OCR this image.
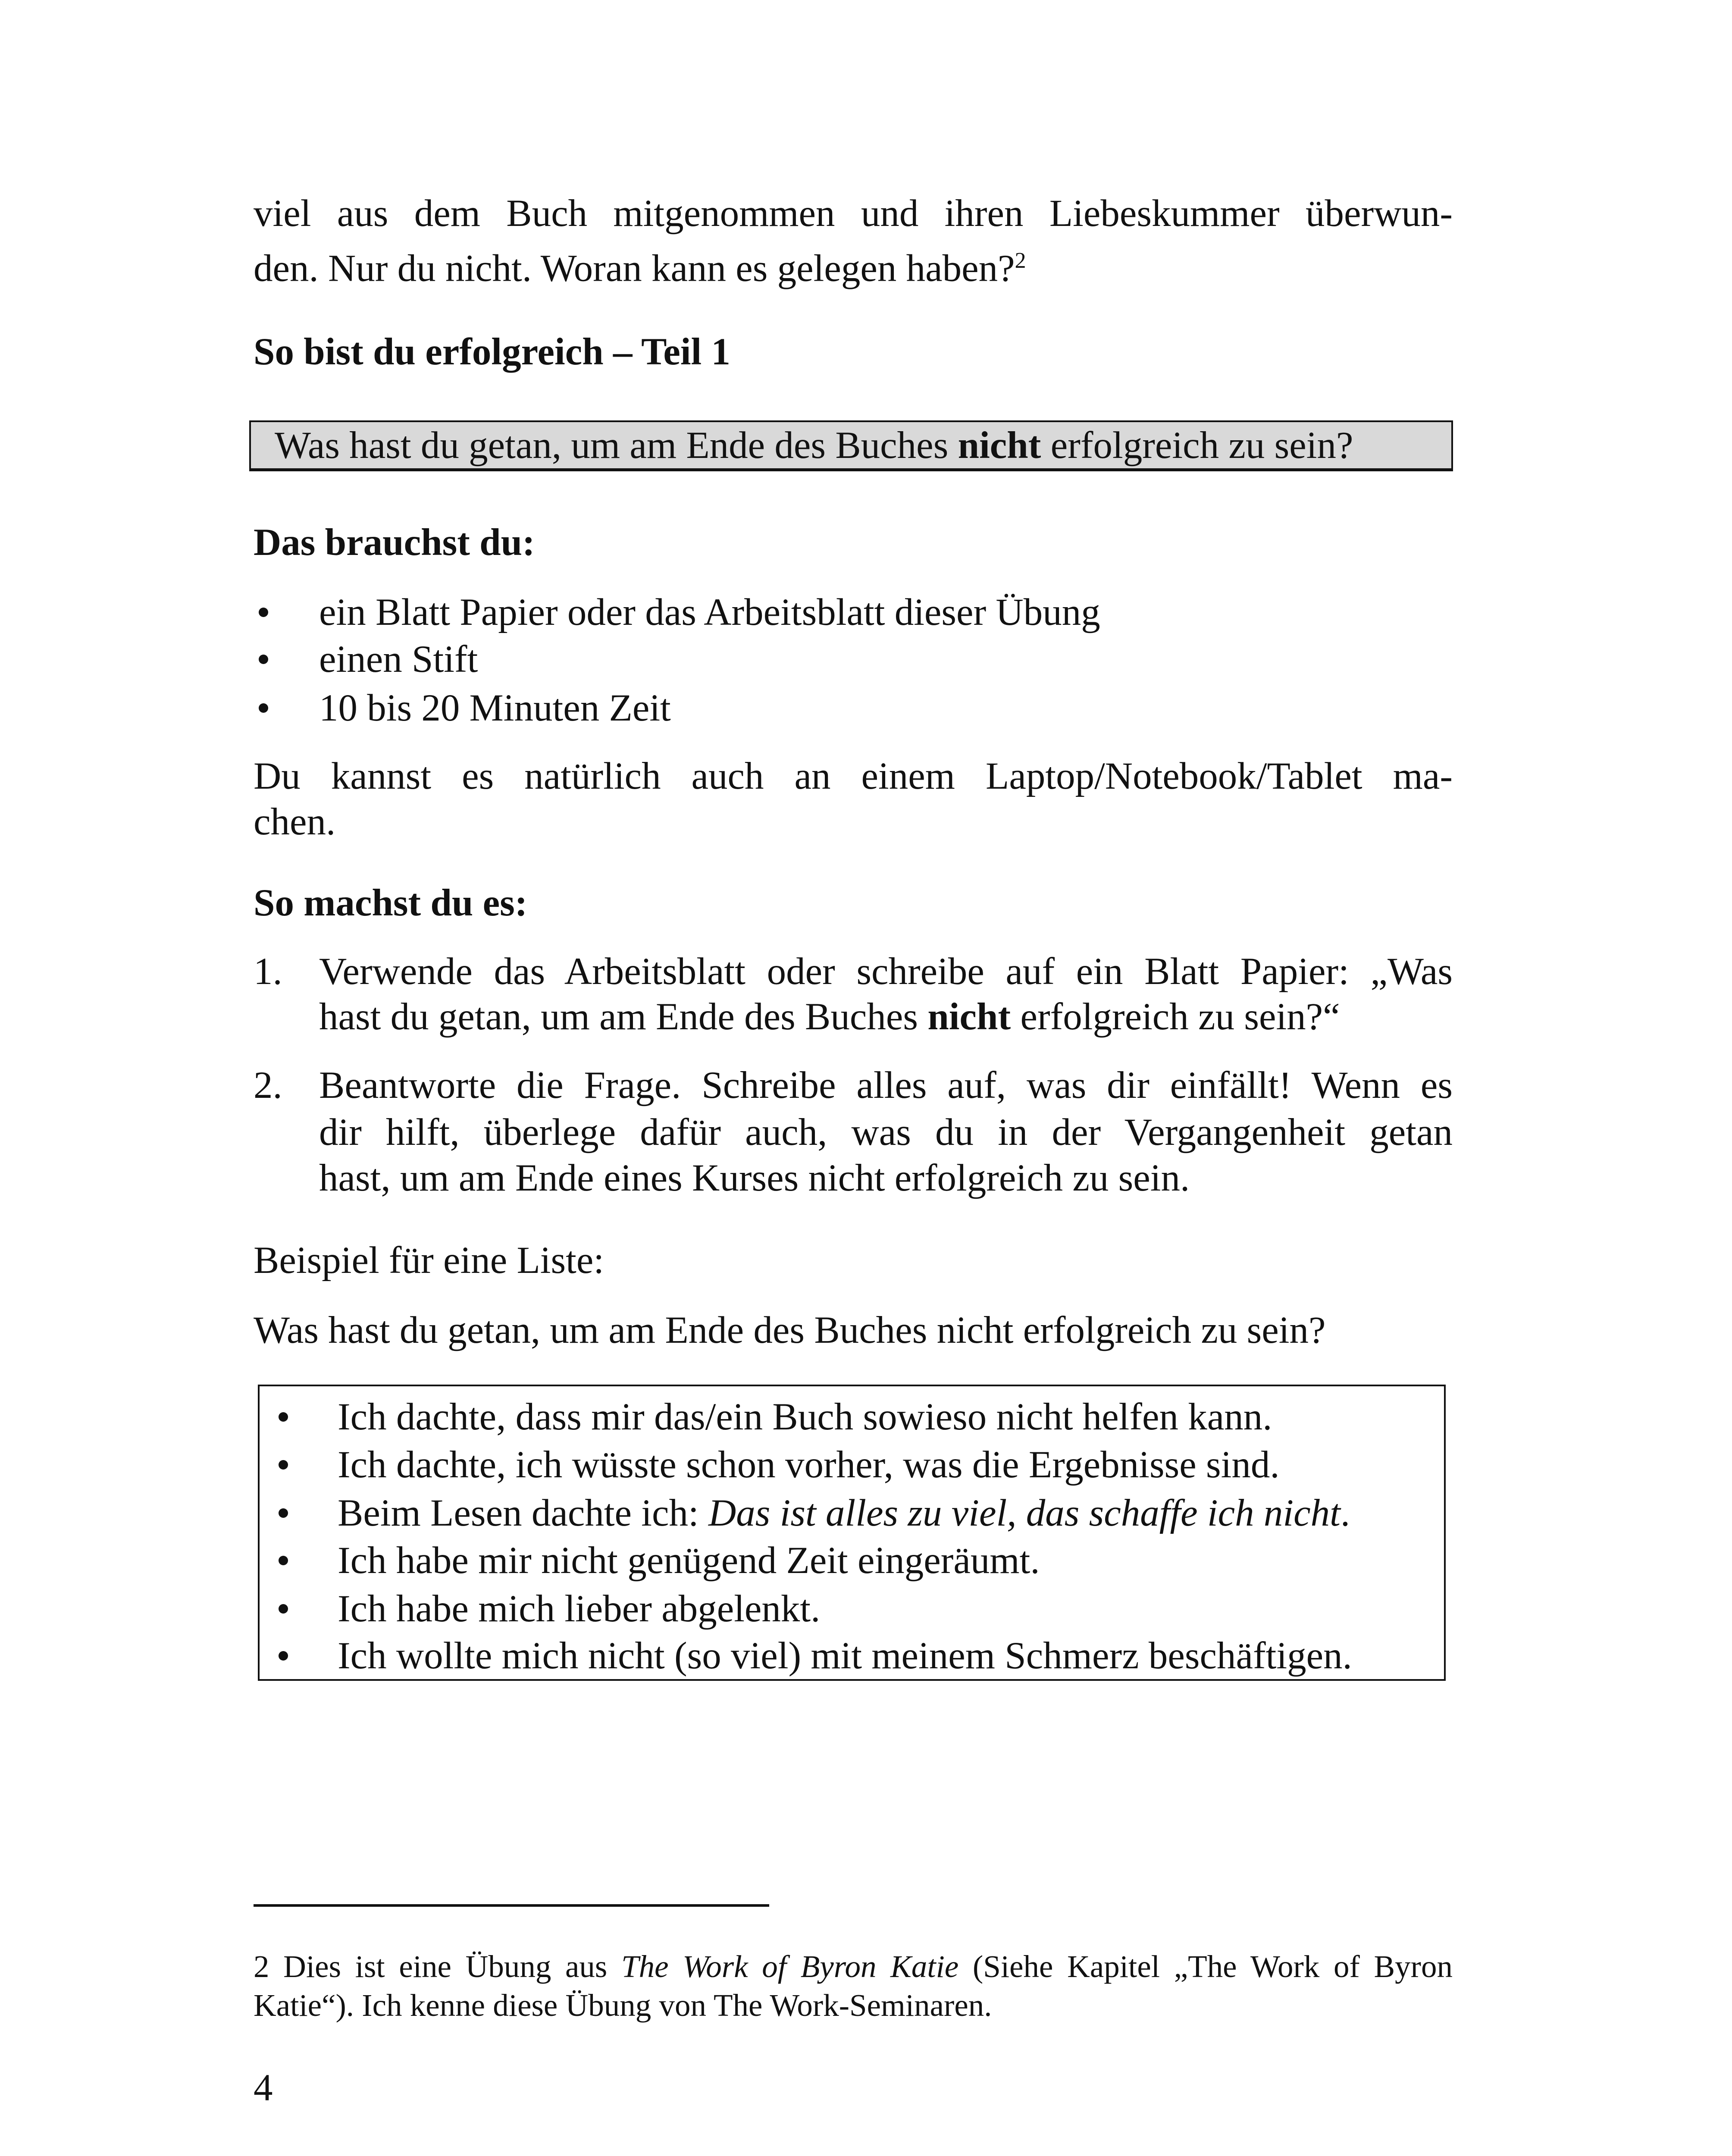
viel aus dem Buch mitgenommen und ihren Liebeskummer überwun-
den. Nur du nicht. Woran kann es gelegen haben?$^2$
So bist du erfolgreich – Teil 1
Was hast du getan, um am Ende des Buches nicht erfolgreich zu sein?
Das brauchst du:
ein Blatt Papier oder das Arbeitsblatt dieser Übung
einen Stift
10 bis 20 Minuten Zeit
Du kannst es natürlich auch an einem Laptop/Notebook/Tablet ma-
chen.
So machst du es:
1. Verwende das Arbeitsblatt oder schreibe auf ein Blatt Papier: „Was
hast du getan, um am Ende des Buches nicht erfolgreich zu sein?“
2. Beantworte die Frage. Schreibe alles auf, was dir einfällt! Wenn es
dir hilft, überlege dafür auch, was du in der Vergangenheit getan
hast, um am Ende eines Kurses nicht erfolgreich zu sein.
Beispiel für eine Liste:
Was hast du getan, um am Ende des Buches nicht erfolgreich zu sein?
Ich dachte, dass mir das/ein Buch sowieso nicht helfen kann.
Ich dachte, ich wüsste schon vorher, was die Ergebnisse sind.
Beim Lesen dachte ich: Das ist alles zu viel, das schaffe ich nicht.
Ich habe mir nicht genügend Zeit eingeräumt.
Ich habe mich lieber abgelenkt.
Ich wollte mich nicht (so viel) mit meinem Schmerz beschäftigen.
2 Dies ist eine Übung aus The Work of Byron Katie (Siehe Kapitel „The Work of Byron
Katie“). Ich kenne diese Übung von The Work-Seminaren.
4
